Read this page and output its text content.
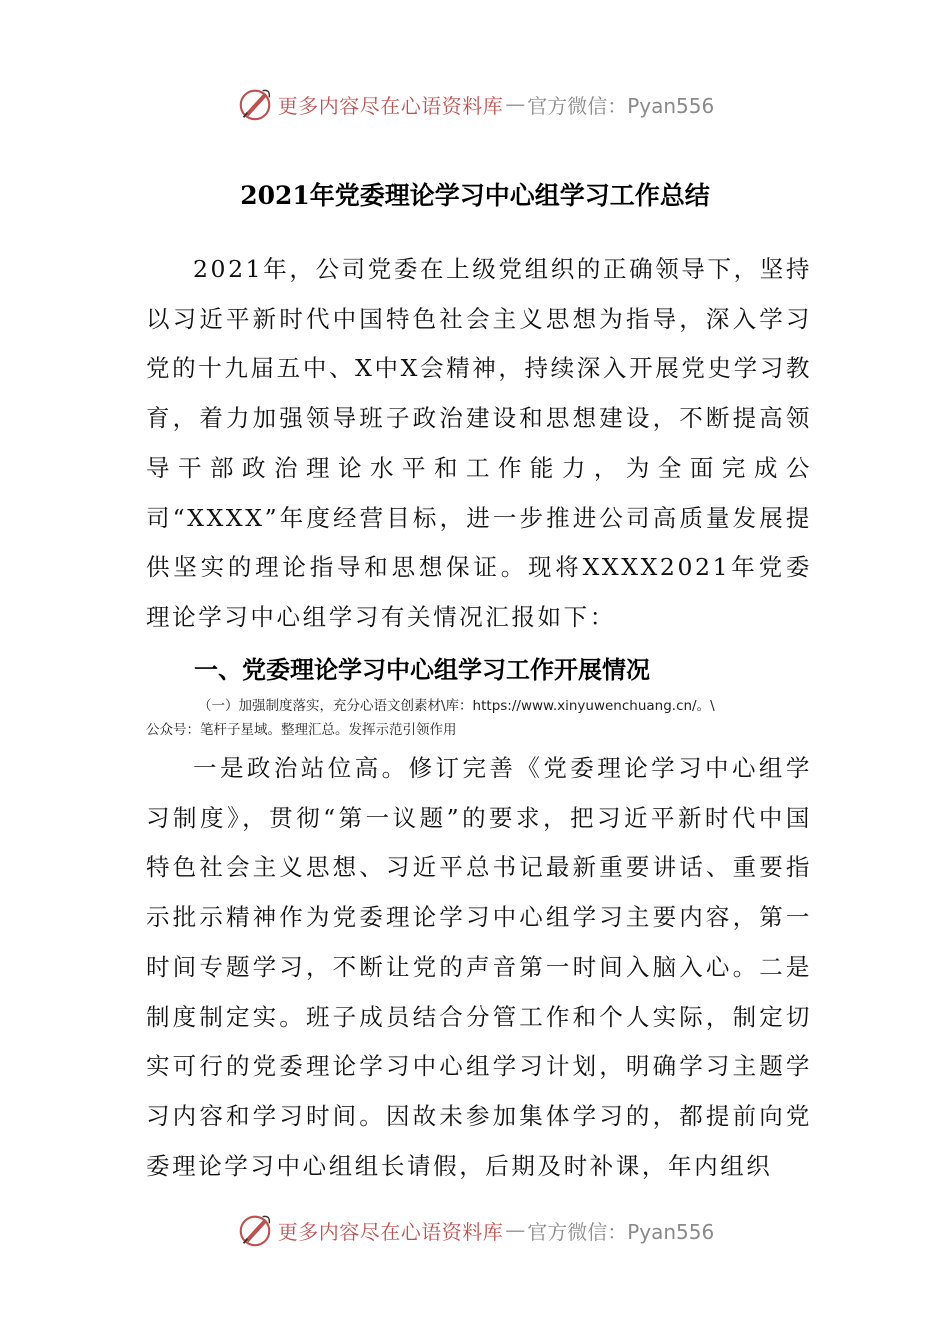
更多内容尽在心语资料库 — 官方微信：Pyan556
2021年党委理论学习中心组学习工作总结
2021年，公司党委在上级党组织的正确领导下，坚持以习近平新时代中国特色社会主义思想为指导，深入学习党的十九届五中、X中X会精神，持续深入开展党史学习教育，着力加强领导班子政治建设和思想建设，不断提高领导干部政治理论水平和工作能力，为全面完成公司“XXXX”年度经营目标，进一步推进公司高质量发展提供坚实的理论指导和思想保证。现将XXXX2021年党委理论学习中心组学习有关情况汇报如下：
一、党委理论学习中心组学习工作开展情况
（一）加强制度落实，充分心语文创素材\库：https://www.xinyuwenchuang.cn/。\
公众号：笔杆子星域。整理汇总。发挥示范引领作用
一是政治站位高。修订完善《党委理论学习中心组学习制度》，贯彻“第一议题”的要求，把习近平新时代中国特色社会主义思想、习近平总书记最新重要讲话、重要指示批示精神作为党委理论学习中心组学习主要内容，第一时间专题学习，不断让党的声音第一时间入脑入心。二是制度制定实。班子成员结合分管工作和个人实际，制定切实可行的党委理论学习中心组学习计划，明确学习主题学习内容和学习时间。因故未参加集体学习的，都提前向党委理论学习中心组组长请假，后期及时补课，年内组织
更多内容尽在心语资料库 — 官方微信：Pyan556
